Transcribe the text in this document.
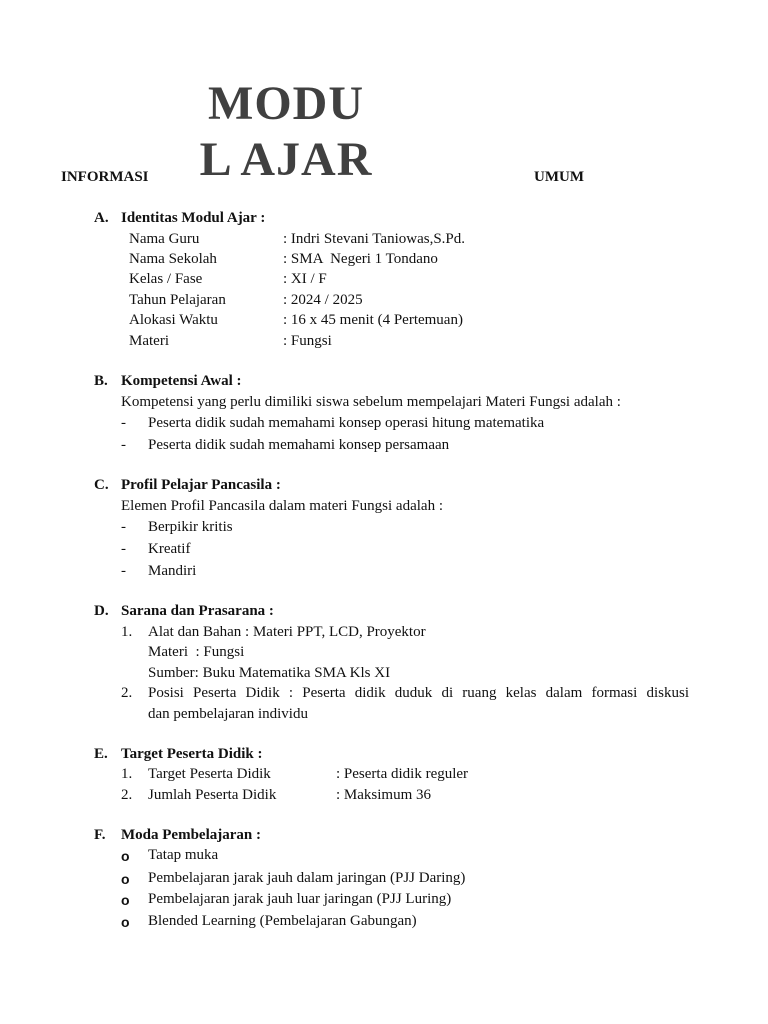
INFORMASI
MODU
L AJAR	UMUM
A. Identitas Modul Ajar :
Nama Guru	: Indri Stevani Taniowas,S.Pd.
Nama Sekolah	: SMA  Negeri 1 Tondano
Kelas / Fase	: XI / F
Tahun Pelajaran	: 2024 / 2025
Alokasi Waktu	: 16 x 45 menit (4 Pertemuan)
Materi	: Fungsi
B. Kompetensi Awal :
Kompetensi yang perlu dimiliki siswa sebelum mempelajari Materi Fungsi adalah :
- Peserta didik sudah memahami konsep operasi hitung matematika
- Peserta didik sudah memahami konsep persamaan
C. Profil Pelajar Pancasila :
Elemen Profil Pancasila dalam materi Fungsi adalah :
- Berpikir kritis
- Kreatif
- Mandiri
D. Sarana dan Prasarana :
1. Alat dan Bahan : Materi PPT, LCD, Proyektor
Materi  : Fungsi
Sumber: Buku Matematika SMA Kls XI
2. Posisi Peserta Didik : Peserta didik duduk di ruang kelas dalam formasi diskusi
dan pembelajaran individu
E. Target Peserta Didik :
1. Target Peserta Didik	: Peserta didik reguler
2. Jumlah Peserta Didik	: Maksimum 36
F. Moda Pembelajaran :
o Tatap muka
o Pembelajaran jarak jauh dalam jaringan (PJJ Daring)
o Pembelajaran jarak jauh luar jaringan (PJJ Luring)
o Blended Learning (Pembelajaran Gabungan)
